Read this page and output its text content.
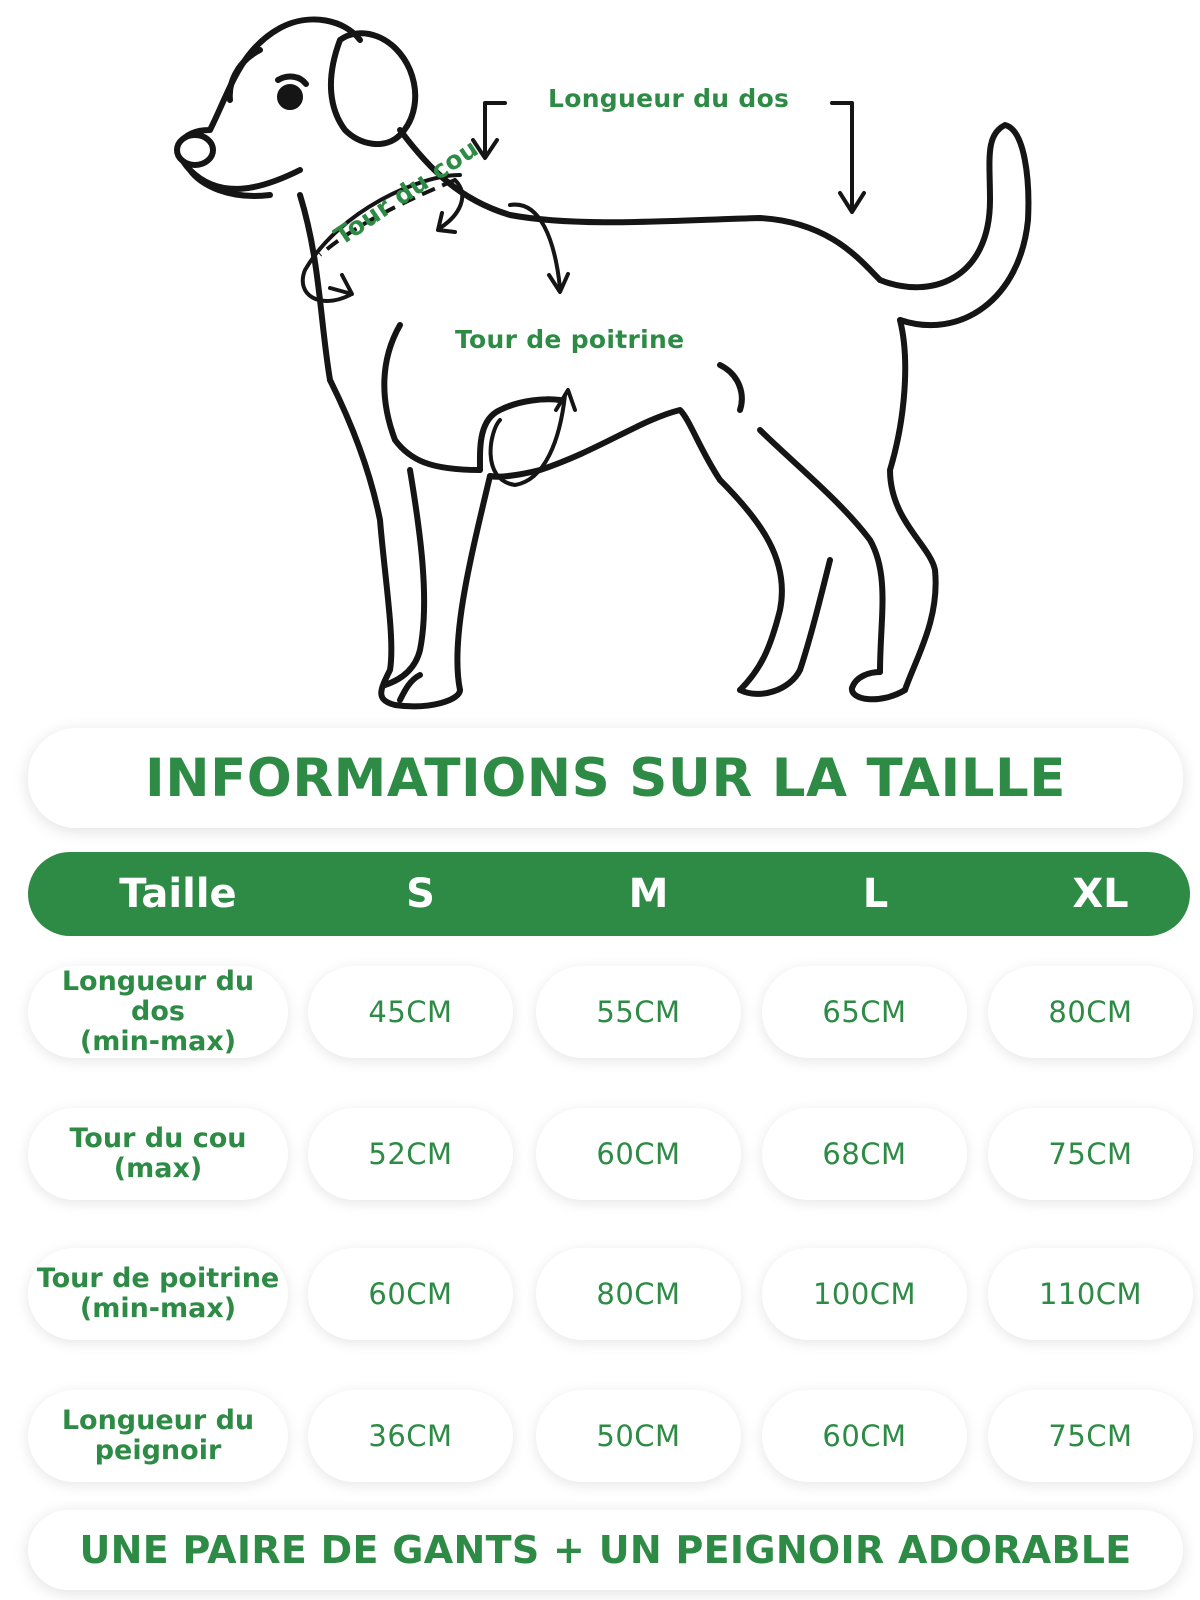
Longueur du dos
Tour du cou
Tour de poitrine
INFORMATIONS SUR LA TAILLE
Taille	S	M	L	XL
Longueur du
dos
(min-max)
45CM	55CM	65CM	80CM
Tour du cou
(max)	52CM	60CM	68CM	75CM
Tour de poitrine
(min-max)	60CM	80CM	100CM	110CM
Longueur du
peignoir	36CM	50CM	60CM	75CM
UNE PAIRE DE GANTS + UN PEIGNOIR ADORABLE
